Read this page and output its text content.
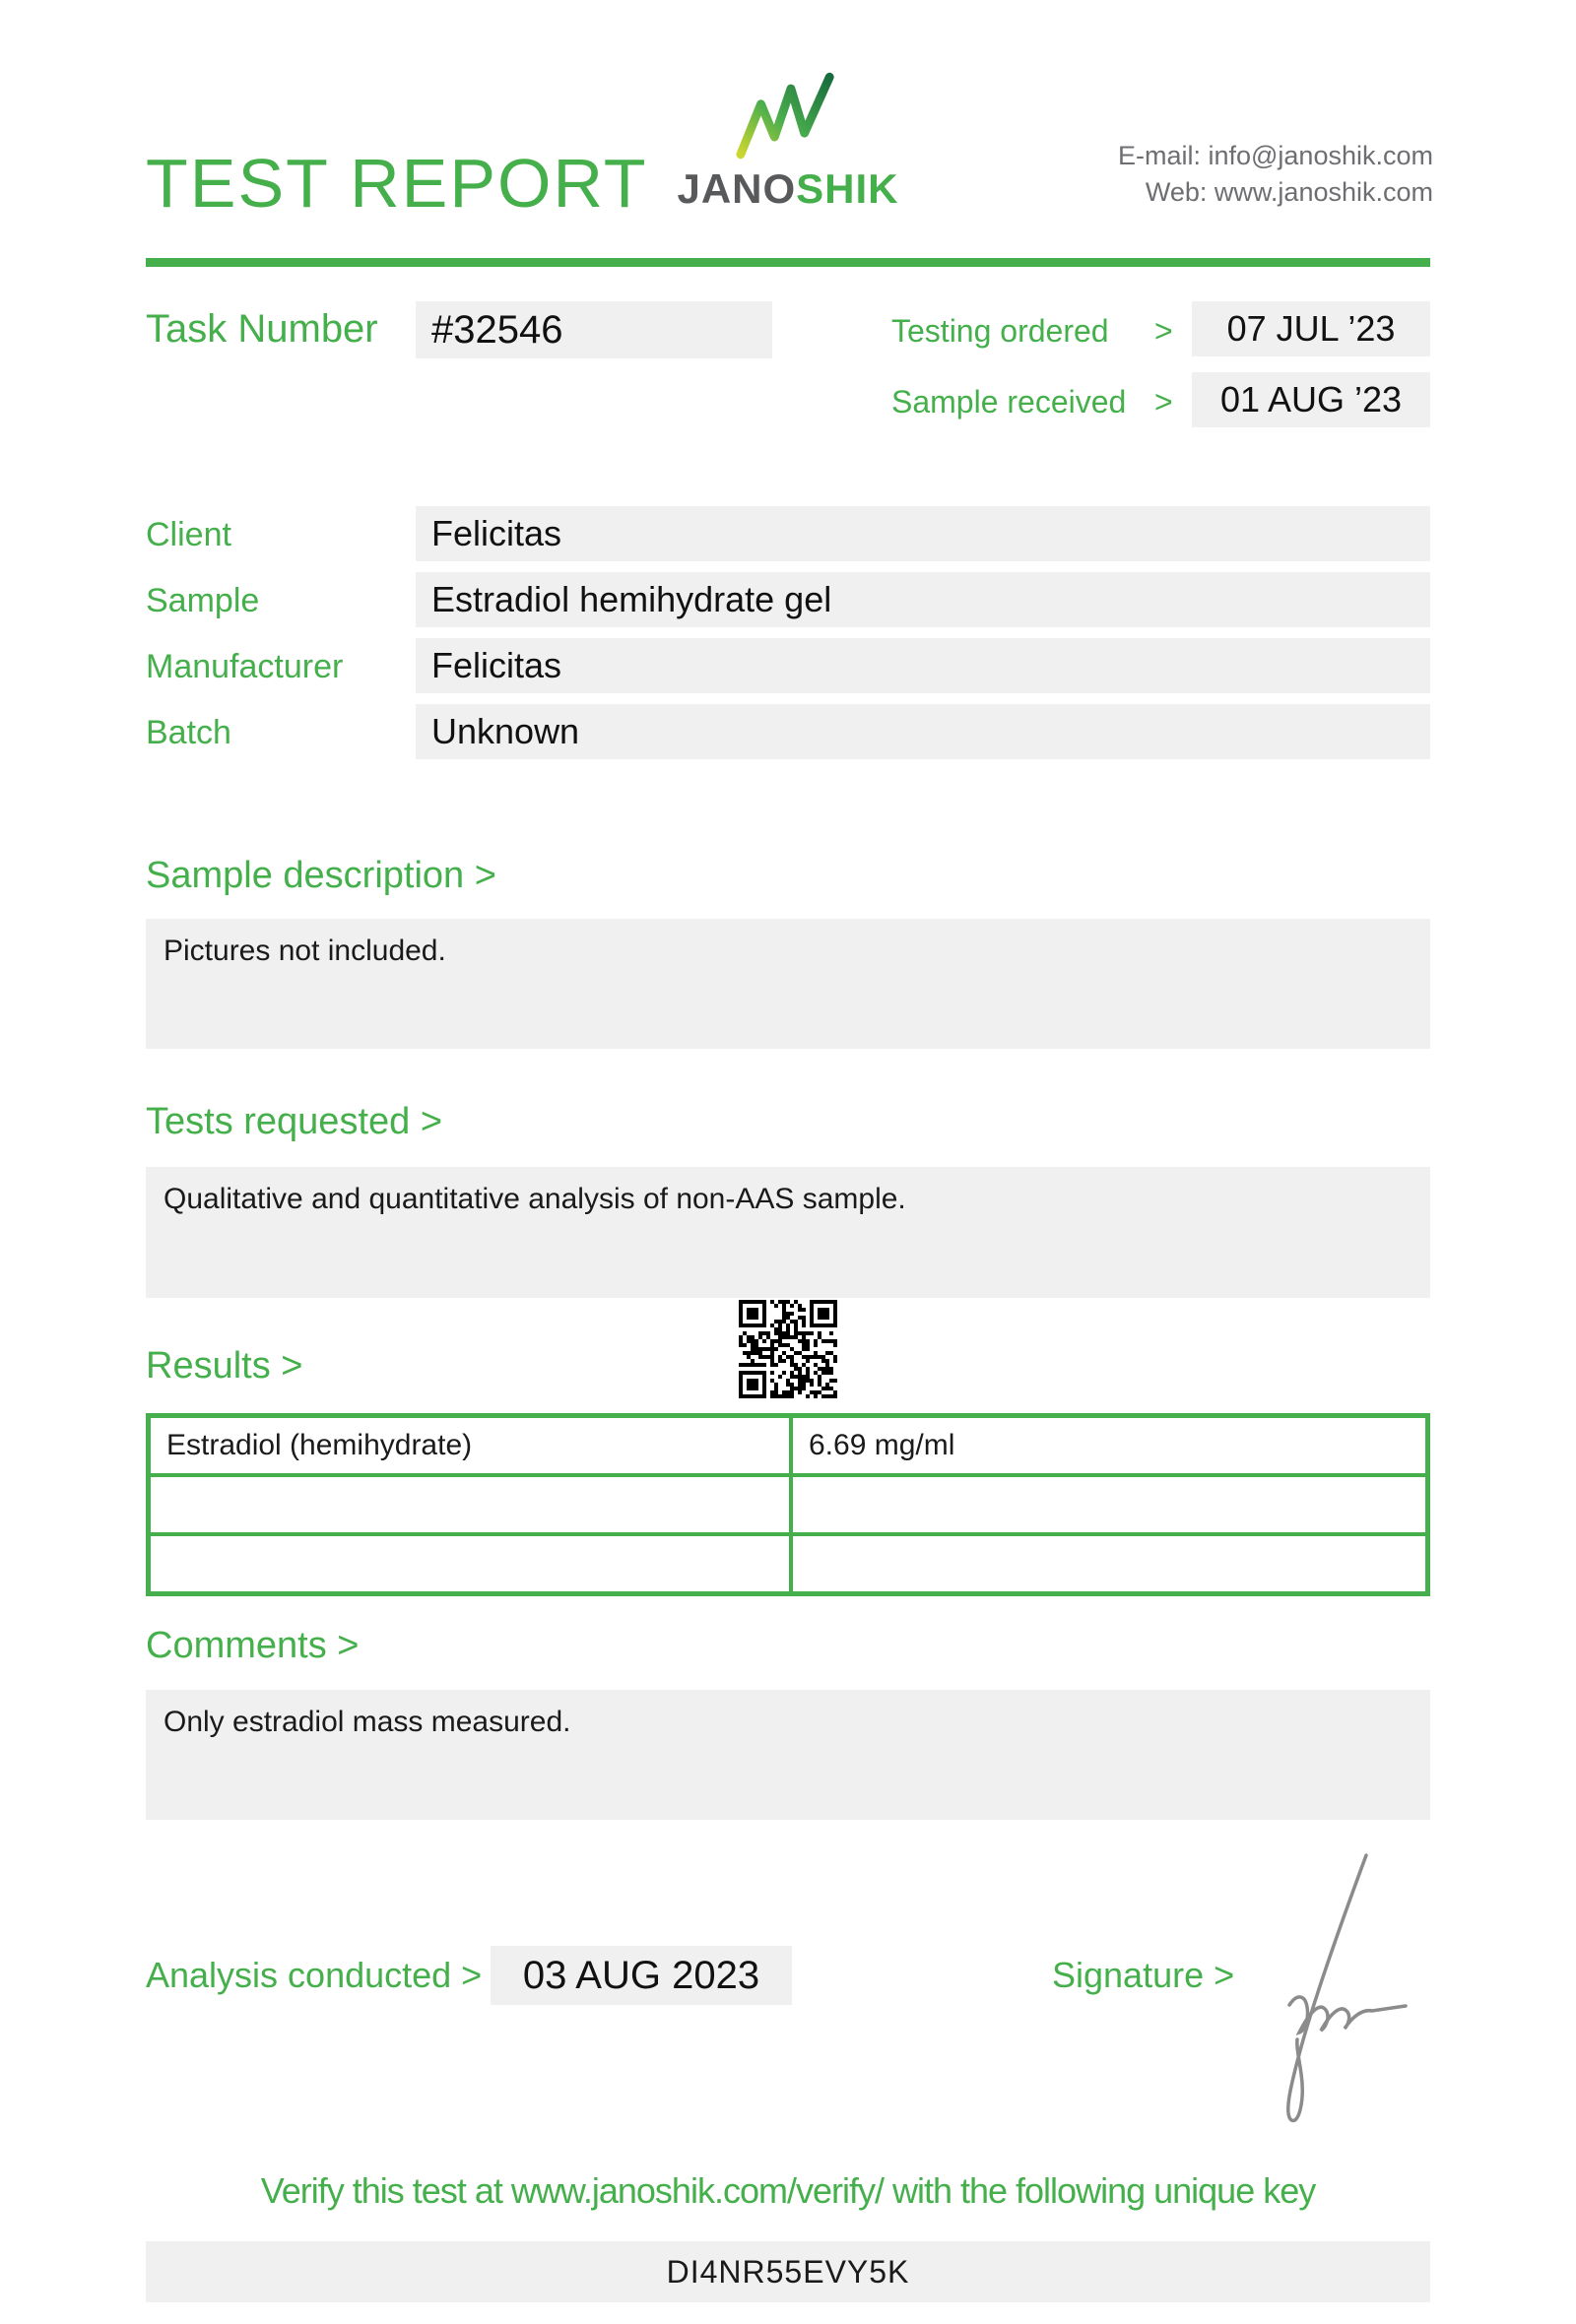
TEST REPORT JANOSHIK
E-mail: info@janoshik.com
Web: www.janoshik.com
Task Number	#32546	Testing ordered >	07 JUL ’23
Sample received >	01 AUG ’23
Client	Felicitas
Sample	Estradiol hemihydrate gel
Manufacturer	Felicitas
Batch	Unknown
Sample description >
Pictures not included.
Tests requested >
Qualitative and quantitative analysis of non-AAS sample.
Results >
Estradiol (hemihydrate)	6.69 mg/ml
Comments >
Only estradiol mass measured.
Analysis conducted >	03 AUG 2023	Signature >
Verify this test at www.janoshik.com/verify/ with the following unique key
DI4NR55EVY5K
